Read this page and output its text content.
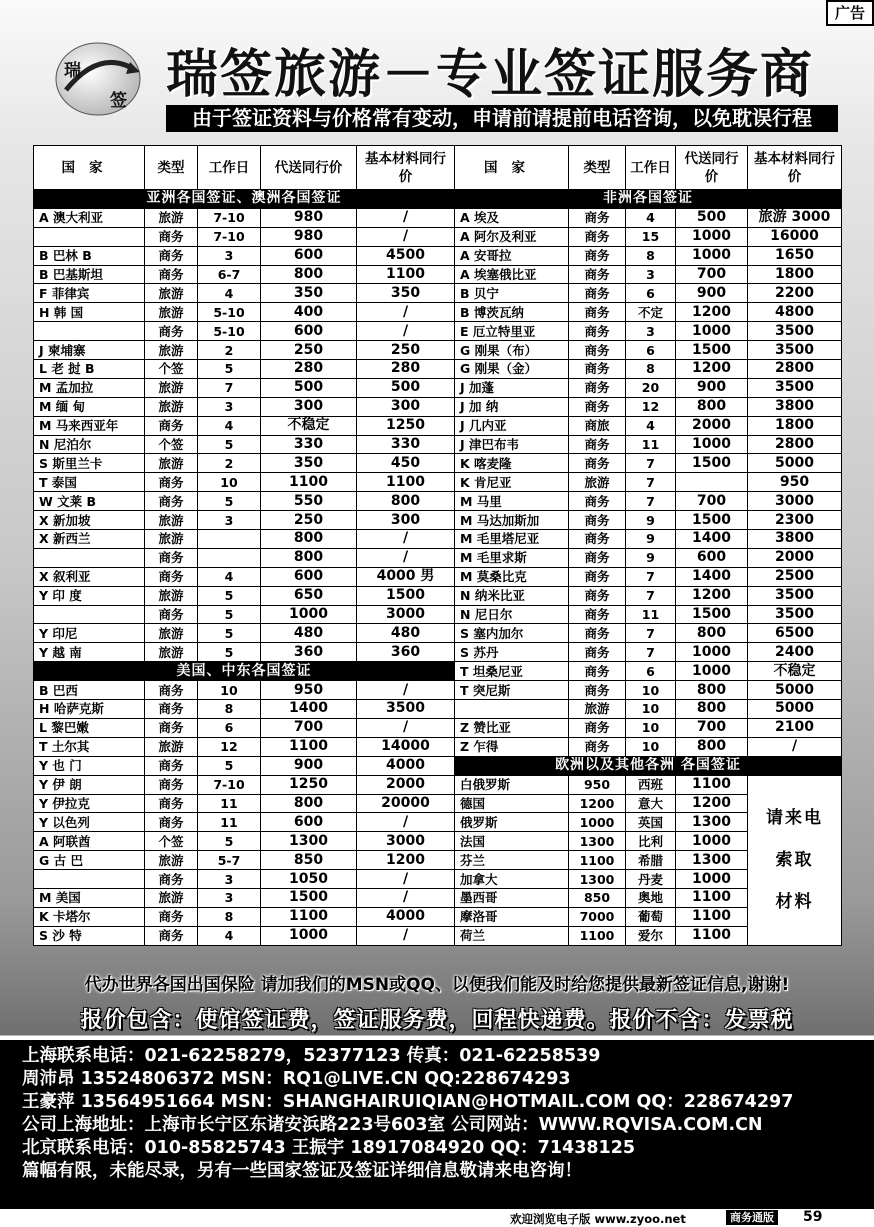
广告
瑞
签 瑞签旅游－专业签证服务商
由于签证资料与价格常有变动，申请前请提前电话咨询，以免耽误行程
国家	类型	工作日	代送同行价	基本材料同行价	国家	类型	工作日	代送同行价	基本材料同行价
亚洲各国签证、澳洲各国签证					非洲各国签证				
A 澳大利亚	旅游	7-10	980	/	A 埃及	商务	4	500	旅游 3000
	商务	7-10	980	/	A 阿尔及利亚	商务	15	1000	16000
B 巴林 B	商务	3	600	4500	A 安哥拉	商务	8	1000	1650
B 巴基斯坦	商务	6-7	800	1100	A 埃塞俄比亚	商务	3	700	1800
F 菲律宾	旅游	4	350	350	B 贝宁	商务	6	900	2200
H 韩 国	旅游	5-10	400	/	B 博茨瓦纳	商务	不定	1200	4800
	商务	5-10	600	/	E 厄立特里亚	商务	3	1000	3500
J 柬埔寨	旅游	2	250	250	G 刚果（布）	商务	6	1500	3500
L 老 挝 B	个签	5	280	280	G 刚果（金）	商务	8	1200	2800
M 孟加拉	旅游	7	500	500	J 加蓬	商务	20	900	3500
M 缅 甸	旅游	3	300	300	J 加 纳	商务	12	800	3800
M 马来西亚年	商务	4	不稳定	1250	J 几内亚	商旅	4	2000	1800
N 尼泊尔	个签	5	330	330	J 津巴布韦	商务	11	1000	2800
S 斯里兰卡	旅游	2	350	450	K 喀麦隆	商务	7	1500	5000
T 泰国	商务	10	1100	1100	K 肯尼亚	旅游	7		950
W 文莱 B	商务	5	550	800	M 马里	商务	7	700	3000
X 新加坡	旅游	3	250	300	M 马达加斯加	商务	9	1500	2300
X 新西兰	旅游		800	/	M 毛里塔尼亚	商务	9	1400	3800
	商务		800	/	M 毛里求斯	商务	9	600	2000
X 叙利亚	商务	4	600	4000 男	M 莫桑比克	商务	7	1400	2500
Y 印 度	旅游	5	650	1500	N 纳米比亚	商务	7	1200	3500
	商务	5	1000	3000	N 尼日尔	商务	11	1500	3500
Y 印尼	旅游	5	480	480	S 塞内加尔	商务	7	800	6500
Y 越 南	旅游	5	360	360	S 苏丹	商务	7	1000	2400
美国、中东各国签证					T 坦桑尼亚	商务	6	1000	不稳定
B 巴西	商务	10	950	/	T 突尼斯	商务	10	800	5000
H 哈萨克斯	商务	8	1400	3500		旅游	10	800	5000
L 黎巴嫩	商务	6	700	/	Z 赞比亚	商务	10	700	2100
T 土尔其	旅游	12	1100	14000	Z 乍得	商务	10	800	/
Y 也 门	商务	5	900	4000	欧洲以及其他各洲 各国签证				
Y 伊 朗	商务	7-10	1250	2000	白俄罗斯	950	西班	1100	请来电
索取
材料

Y 伊拉克	商务	11	800	20000	德国	1200	意大	1200	
Y 以色列	商务	11	600	/	俄罗斯	1000	英国	1300	
A 阿联酋	个签	5	1300	3000	法国	1300	比利	1000	
G 古 巴	旅游	5-7	850	1200	芬兰	1100	希腊	1300	
	商务	3	1050	/	加拿大	1300	丹麦	1000	
M 美国	旅游	3	1500	/	墨西哥	850	奥地	1100	
K 卡塔尔	商务	8	1100	4000	摩洛哥	7000	葡萄	1100	
S 沙 特	商务	4	1000	/	荷兰	1100	爱尔	1100	
代办世界各国出国保险 请加我们的MSN或QQ、以便我们能及时给您提供最新签证信息,谢谢!
报价包含：使馆签证费，签证服务费，回程快递费。报价不含：发票税
上海联系电话：021-62258279，52377123 传真：021-62258539
周沛昂 13524806372 MSN：RQ1@LIVE.CN QQ:228674293
王豪萍 13564951664 MSN：SHANGHAIRUIQIAN@HOTMAIL.COM QQ：228674297
公司上海地址：上海市长宁区东诸安浜路223号603室 公司网站：WWW.RQVISA.COM.CN
北京联系电话：010-85825743 王振宇 18917084920 QQ：71438125
篇幅有限，未能尽录，另有一些国家签证及签证详细信息敬请来电咨询！
欢迎浏览电子版 www.zyoo.net	商务通版 59
